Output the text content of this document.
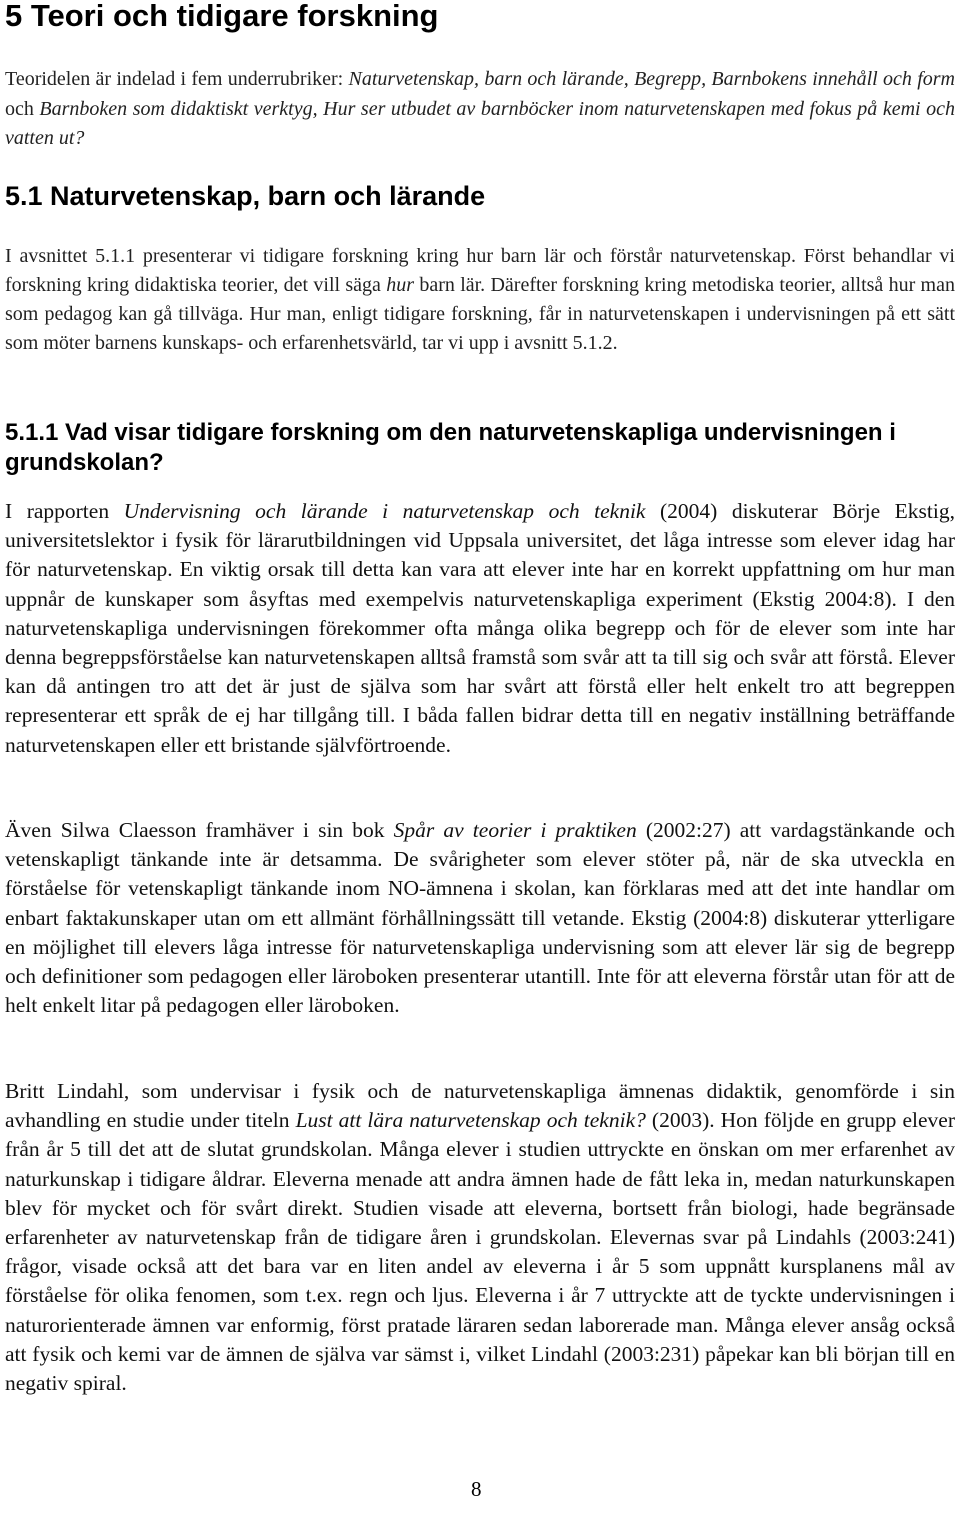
5 Teori och tidigare forskning

Teoridelen är indelad i fem underrubriker: Naturvetenskap, barn och lärande, Begrepp, Barnbokens innehåll och form och Barnboken som didaktiskt verktyg, Hur ser utbudet av barnböcker inom naturvetenskapen med fokus på kemi och vatten ut?

5.1 Naturvetenskap, barn och lärande

I avsnittet 5.1.1 presenterar vi tidigare forskning kring hur barn lär och förstår naturvetenskap. Först behandlar vi forskning kring didaktiska teorier, det vill säga hur barn lär. Därefter forskning kring metodiska teorier, alltså hur man som pedagog kan gå tillväga. Hur man, enligt tidigare forskning, får in naturvetenskapen i undervisningen på ett sätt som möter barnens kunskaps- och erfarenhetsvärld, tar vi upp i avsnitt 5.1.2.

5.1.1 Vad visar tidigare forskning om den naturvetenskapliga undervisningen i grundskolan?

I rapporten Undervisning och lärande i naturvetenskap och teknik (2004) diskuterar Börje Ekstig, universitetslektor i fysik för lärarutbildningen vid Uppsala universitet, det låga intresse som elever idag har för naturvetenskap. En viktig orsak till detta kan vara att elever inte har en korrekt uppfattning om hur man uppnår de kunskaper som åsyftas med exempelvis naturvetenskapliga experiment (Ekstig 2004:8). I den naturvetenskapliga undervisningen förekommer ofta många olika begrepp och för de elever som inte har denna begreppsförståelse kan naturvetenskapen alltså framstå som svår att ta till sig och svår att förstå. Elever kan då antingen tro att det är just de själva som har svårt att förstå eller helt enkelt tro att begreppen representerar ett språk de ej har tillgång till. I båda fallen bidrar detta till en negativ inställning beträffande naturvetenskapen eller ett bristande självförtroende.

Även Silwa Claesson framhäver i sin bok Spår av teorier i praktiken (2002:27) att vardagstänkande och vetenskapligt tänkande inte är detsamma. De svårigheter som elever stöter på, när de ska utveckla en förståelse för vetenskapligt tänkande inom NO-ämnena i skolan, kan förklaras med att det inte handlar om enbart faktakunskaper utan om ett allmänt förhållningssätt till vetande. Ekstig (2004:8) diskuterar ytterligare en möjlighet till elevers låga intresse för naturvetenskapliga undervisning som att elever lär sig de begrepp och definitioner som pedagogen eller läroboken presenterar utantill. Inte för att eleverna förstår utan för att de helt enkelt litar på pedagogen eller läroboken.

Britt Lindahl, som undervisar i fysik och de naturvetenskapliga ämnenas didaktik, genomförde i sin avhandling en studie under titeln Lust att lära naturvetenskap och teknik? (2003). Hon följde en grupp elever från år 5 till det att de slutat grundskolan. Många elever i studien uttryckte en önskan om mer erfarenhet av naturkunskap i tidigare åldrar. Eleverna menade att andra ämnen hade de fått leka in, medan naturkunskapen blev för mycket och för svårt direkt. Studien visade att eleverna, bortsett från biologi, hade begränsade erfarenheter av naturvetenskap från de tidigare åren i grundskolan. Elevernas svar på Lindahls (2003:241) frågor, visade också att det bara var en liten andel av eleverna i år 5 som uppnått kursplanens mål av förståelse för olika fenomen, som t.ex. regn och ljus. Eleverna i år 7 uttryckte att de tyckte undervisningen i naturorienterade ämnen var enformig, först pratade läraren sedan laborerade man. Många elever ansåg också att fysik och kemi var de ämnen de själva var sämst i, vilket Lindahl (2003:231) påpekar kan bli början till en negativ spiral.

8
